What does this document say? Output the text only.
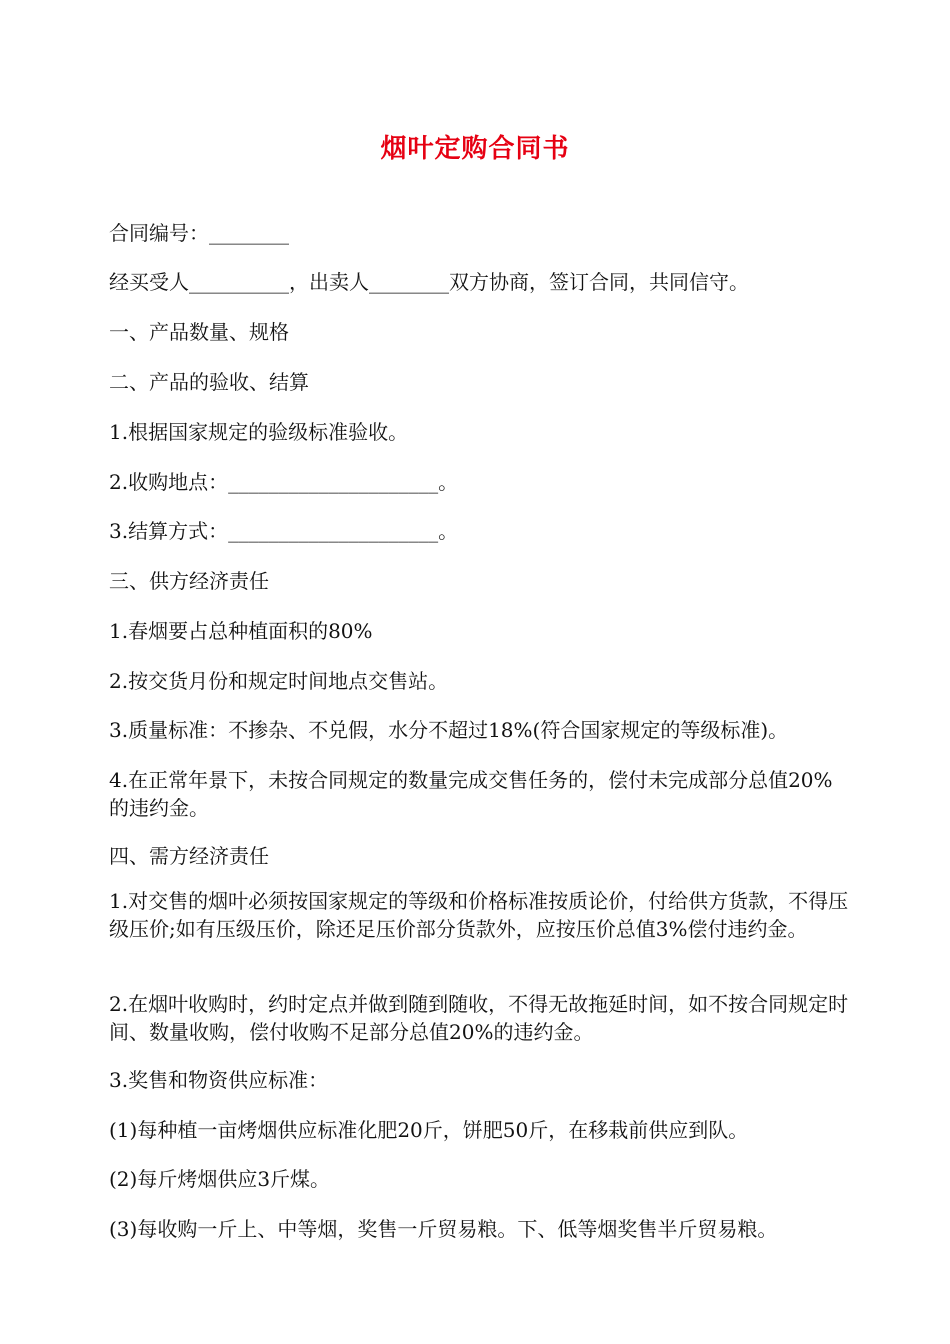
烟叶定购合同书
合同编号：________
经买受人__________，出卖人________双方协商，签订合同，共同信守。
一、产品数量、规格
二、产品的验收、结算
1.根据国家规定的验级标准验收。
2.收购地点：_____________________。
3.结算方式：_____________________。
三、供方经济责任
1.春烟要占总种植面积的80%
2.按交货月份和规定时间地点交售站。
3.质量标准：不掺杂、不兑假，水分不超过18%(符合国家规定的等级标准)。
4.在正常年景下，未按合同规定的数量完成交售任务的，偿付未完成部分总值20%的违约金。
四、需方经济责任
1.对交售的烟叶必须按国家规定的等级和价格标准按质论价，付给供方货款，不得压级压价;如有压级压价，除还足压价部分货款外，应按压价总值3%偿付违约金。
2.在烟叶收购时，约时定点并做到随到随收，不得无故拖延时间，如不按合同规定时间、数量收购，偿付收购不足部分总值20%的违约金。
3.奖售和物资供应标准：
(1)每种植一亩烤烟供应标准化肥20斤，饼肥50斤，在移栽前供应到队。
(2)每斤烤烟供应3斤煤。
(3)每收购一斤上、中等烟，奖售一斤贸易粮。下、低等烟奖售半斤贸易粮。
